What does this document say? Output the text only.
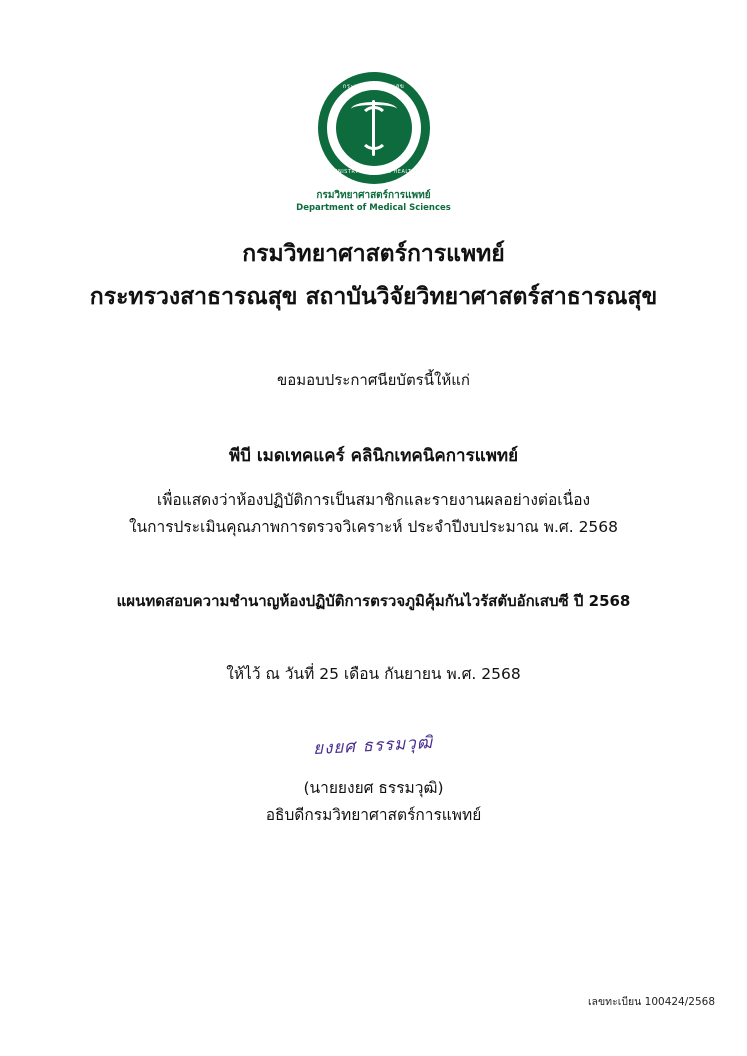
กระทรวงสาธารณสุข
MINISTRY OF PUBLIC HEALTH
กรมวิทยาศาสตร์การแพทย์
Department of Medical Sciences
กรมวิทยาศาสตร์การแพทย์
กระทรวงสาธารณสุข สถาบันวิจัยวิทยาศาสตร์สาธารณสุข
ขอมอบประกาศนียบัตรนี้ให้แก่
พีบี เมดเทคแคร์ คลินิกเทคนิคการแพทย์
เพื่อแสดงว่าห้องปฏิบัติการเป็นสมาชิกและรายงานผลอย่างต่อเนื่อง
ในการประเมินคุณภาพการตรวจวิเคราะห์ ประจำปีงบประมาณ พ.ศ. 2568
แผนทดสอบความชำนาญห้องปฏิบัติการตรวจภูมิคุ้มกันไวรัสตับอักเสบซี ปี 2568
ให้ไว้ ณ วันที่ 25 เดือน กันยายน พ.ศ. 2568
ยงยศ ธรรมวุฒิ
(นายยงยศ ธรรมวุฒิ)
อธิบดีกรมวิทยาศาสตร์การแพทย์
เลขทะเบียน 100424/2568
